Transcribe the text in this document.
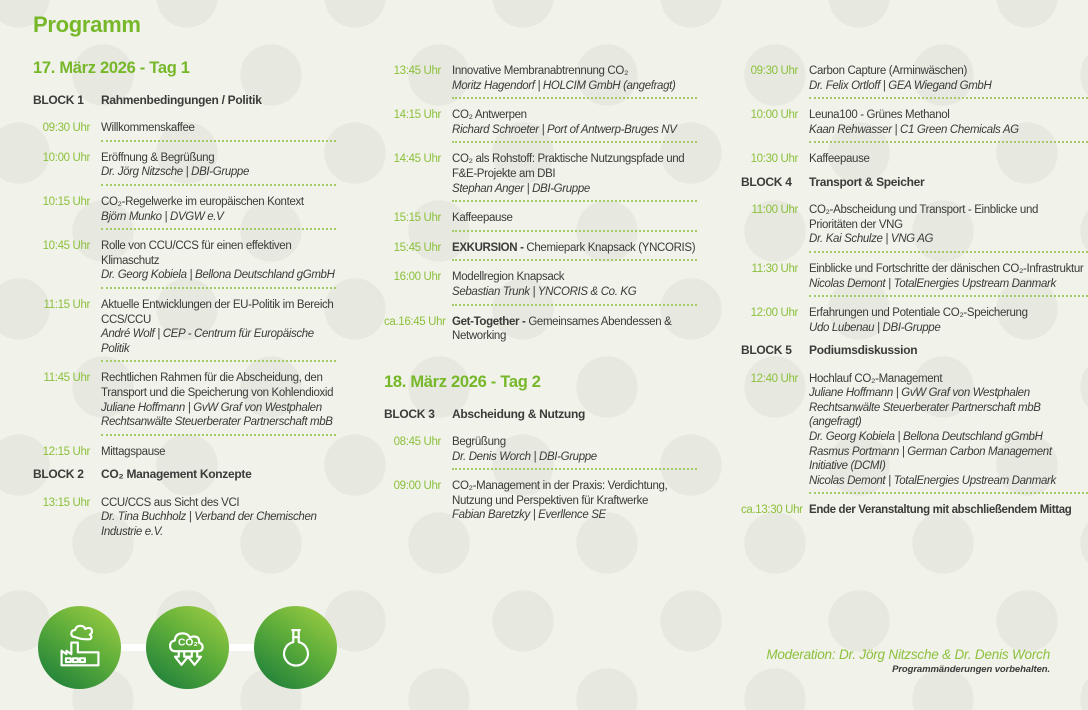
Programm
17. März 2026 - Tag 1
BLOCK 1	Rahmenbedingungen / Politik
09:30 Uhr Willkommenskaffee
10:00 Uhr Eröffnung & Begrüßung
Dr. Jörg Nitzsche | DBI-Gruppe
10:15 Uhr CO₂-Regelwerke im europäischen Kontext
Björn Munko | DVGW e.V
10:45 Uhr Rolle von CCU/CCS für einen effektiven Klimaschutz
Dr. Georg Kobiela | Bellona Deutschland gGmbH
11:15 Uhr Aktuelle Entwicklungen der EU-Politik im Bereich CCS/CCU
André Wolf | CEP - Centrum für Europäische Politik
11:45 Uhr Rechtlichen Rahmen für die Abscheidung, den Transport und die Speicherung von Kohlendioxid
Juliane Hoffmann | GvW Graf von Westphalen Rechtsanwälte Steuerberater Partnerschaft mbB
12:15 Uhr Mittagspause
BLOCK 2	CO₂ Management Konzepte
13:15 Uhr CCU/CCS aus Sicht des VCI
Dr. Tina Buchholz | Verband der Chemischen Industrie e.V.
13:45 Uhr Innovative Membranabtrennung CO₂
Moritz Hagendorf | HOLCIM GmbH (angefragt)
14:15 Uhr CO₂ Antwerpen
Richard Schroeter | Port of Antwerp-Bruges NV
14:45 Uhr CO₂ als Rohstoff: Praktische Nutzungspfade und F&E-Projekte am DBI
Stephan Anger | DBI-Gruppe
15:15 Uhr Kaffeepause
15:45 Uhr EXKURSION - Chemiepark Knapsack (YNCORIS)
16:00 Uhr Modellregion Knapsack
Sebastian Trunk | YNCORIS & Co. KG
ca.16:45 Uhr Get-Together - Gemeinsames Abendessen & Networking
18. März 2026 - Tag 2
BLOCK 3	Abscheidung & Nutzung
08:45 Uhr Begrüßung
Dr. Denis Worch | DBI-Gruppe
09:00 Uhr CO₂-Management in der Praxis: Verdichtung, Nutzung und Perspektiven für Kraftwerke
Fabian Baretzky | Everllence SE
09:30 Uhr Carbon Capture (Arminwäschen)
Dr. Felix Ortloff | GEA Wiegand GmbH
10:00 Uhr Leuna100 - Grünes Methanol
Kaan Rehwasser | C1 Green Chemicals AG
10:30 Uhr Kaffeepause
BLOCK 4	Transport & Speicher
11:00 Uhr CO₂-Abscheidung und Transport - Einblicke und Prioritäten der VNG
Dr. Kai Schulze | VNG AG
11:30 Uhr Einblicke und Fortschritte der dänischen CO₂-Infrastruktur
Nicolas Demont | TotalEnergies Upstream Danmark
12:00 Uhr Erfahrungen und Potentiale CO₂-Speicherung
Udo Lubenau | DBI-Gruppe
BLOCK 5	Podiumsdiskussion
12:40 Uhr Hochlauf CO₂-Management
Juliane Hoffmann | GvW Graf von Westphalen Rechtsanwälte Steuerberater Partnerschaft mbB (angefragt)
Dr. Georg Kobiela | Bellona Deutschland gGmbH
Rasmus Portmann | German Carbon Management Initiative (DCMI)
Nicolas Demont | TotalEnergies Upstream Danmark
ca.13:30 Uhr Ende der Veranstaltung mit abschließendem Mittag
CO₂
Moderation: Dr. Jörg Nitzsche & Dr. Denis Worch
Programmänderungen vorbehalten.
